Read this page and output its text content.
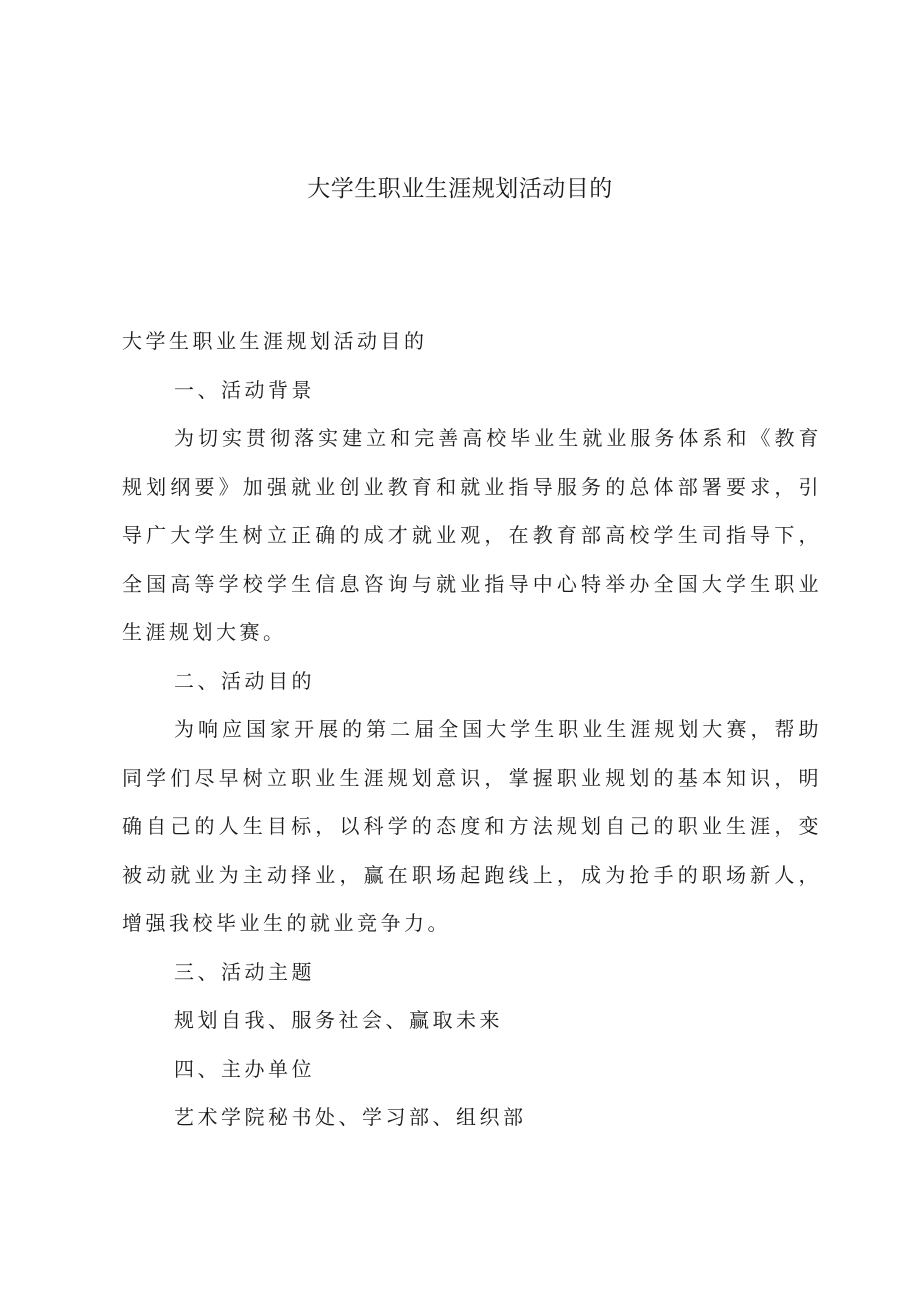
大学生职业生涯规划活动目的

大学生职业生涯规划活动目的

一、活动背景

为切实贯彻落实建立和完善高校毕业生就业服务体系和《教育规划纲要》加强就业创业教育和就业指导服务的总体部署要求，引导广大学生树立正确的成才就业观，在教育部高校学生司指导下，全国高等学校学生信息咨询与就业指导中心特举办全国大学生职业生涯规划大赛。

二、活动目的

为响应国家开展的第二届全国大学生职业生涯规划大赛，帮助同学们尽早树立职业生涯规划意识，掌握职业规划的基本知识，明确自己的人生目标，以科学的态度和方法规划自己的职业生涯，变被动就业为主动择业，赢在职场起跑线上，成为抢手的职场新人，增强我校毕业生的就业竞争力。

三、活动主题

规划自我、服务社会、赢取未来

四、主办单位

艺术学院秘书处、学习部、组织部
